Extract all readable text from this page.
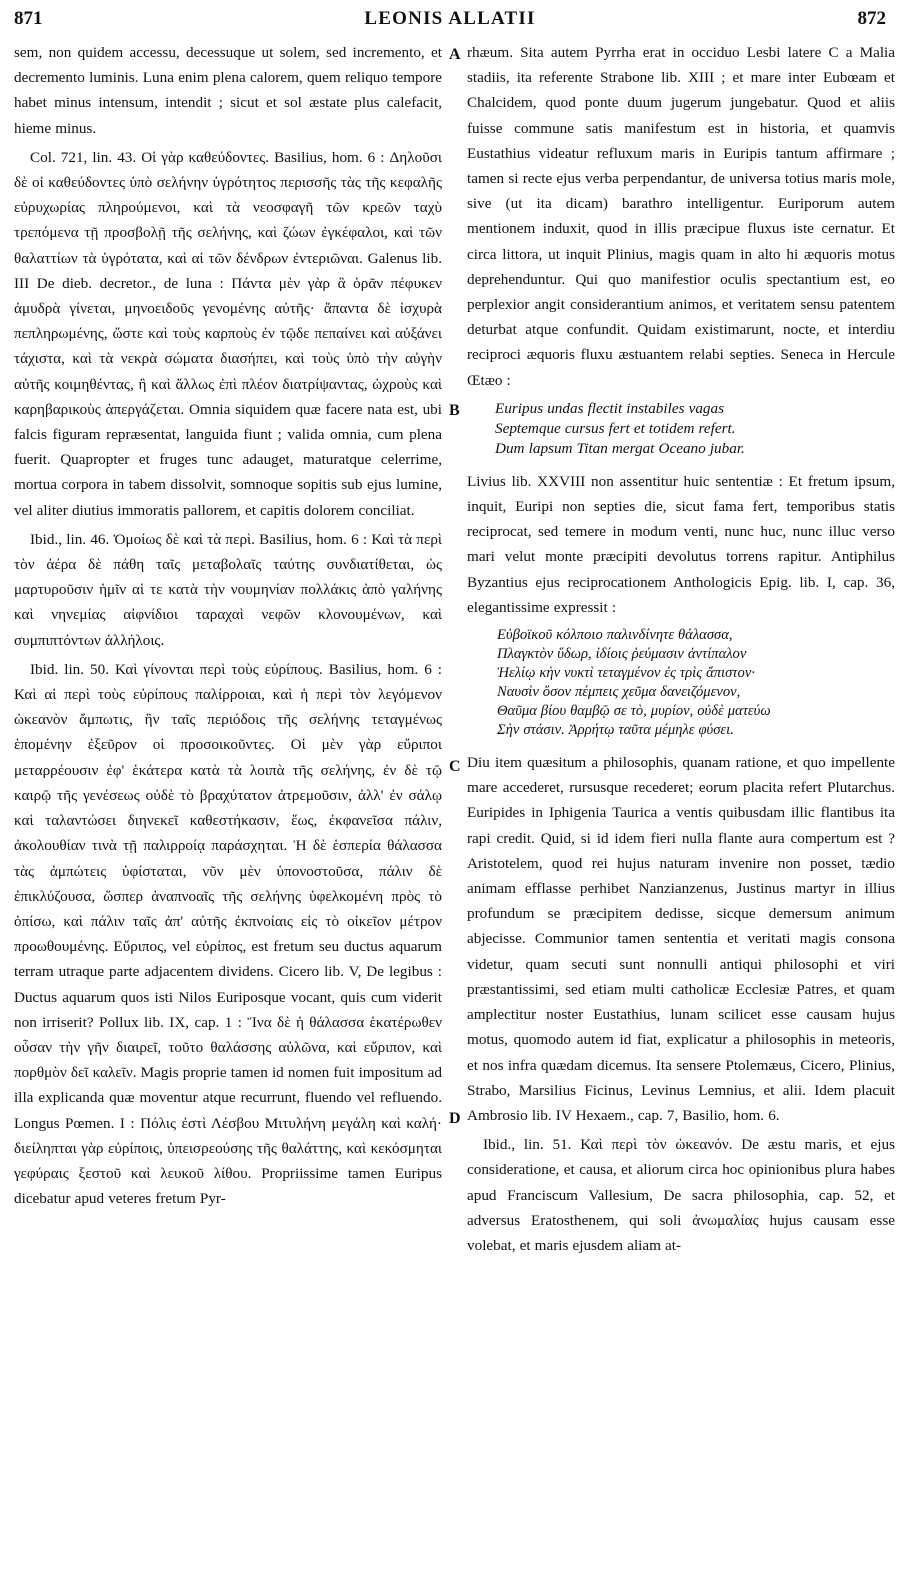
871	LEONIS ALLATII	872

sem, non quidem accessu, decessuque ut solem, sed incremento, et decremento luminis. Luna enim plena calorem, quem reliquo tempore habet minus intensum, intendit ; sicut et sol æstate plus calefacit, hieme minus.

Col. 721, lin. 43. Οἱ γὰρ καθεύδοντες. Basilius, hom. 6 : Δηλοῦσι δὲ οἱ καθεύδοντες ὑπὸ σελήνην ὑγρότητος περισσῆς τὰς τῆς κεφαλῆς εὐρυχωρίας πληρούμενοι, καὶ τὰ νεοσφαγῆ τῶν κρεῶν ταχὺ τρεπόμενα τῇ προσβολῇ τῆς σελήνης, καὶ ζώων ἐγκέφαλοι, καὶ τῶν θαλαττίων τὰ ὑγρότατα, καὶ αἱ τῶν δένδρων ἐντεριῶναι. Galenus lib. III De dieb. decretor., de luna : Πάντα μὲν γὰρ ἃ ὁρᾶν πέφυκεν ἀμυδρὰ γίνεται, μηνοειδοῦς γενομένης αὐτῆς· ἅπαντα δὲ ἰσχυρὰ πεπληρωμένης, ὥστε καὶ τοὺς καρποὺς ἐν τῷδε πεπαίνει καὶ αὐξάνει τάχιστα, καὶ τὰ νεκρὰ σώματα διασήπει, καὶ τοὺς ὑπὸ τὴν αὐγὴν αὐτῆς κοιμηθέντας, ἢ καὶ ἄλλως ἐπὶ πλέον διατρίψαντας, ὠχροὺς καὶ καρηβαρικοὺς ἀπεργάζεται. Omnia siquidem quæ facere nata est, ubi falcis figuram repræsentat, languida fiunt ; valida omnia, cum plena fuerit. Quapropter et fruges tunc adauget, maturatque celerrime, mortua corpora in tabem dissolvit, somnoque sopitis sub ejus lumine, vel aliter diutius immoratis pallorem, et capitis dolorem conciliat.

Ibid., lin. 46. Ὁμοίως δὲ καὶ τὰ περὶ. Basilius, hom. 6 : Καὶ τὰ περὶ τὸν ἀέρα δὲ πάθη ταῖς μεταβολαῖς ταύτης συνδιατίθεται, ὡς μαρτυροῦσιν ἡμῖν αἱ τε κατὰ τὴν νουμηνίαν πολλάκις ἀπὸ γαλήνης καὶ νηνεμίας αἰφνίδιοι ταραχαὶ νεφῶν κλονουμένων, καὶ συμπιπτόντων ἀλλήλοις.

Ibid. lin. 50. Καὶ γίνονται περὶ τοὺς εὐρίπους. Basilius, hom. 6 : Καὶ αἱ περὶ τοὺς εὐρίπους παλίρροιαι, καὶ ἡ περὶ τὸν λεγόμενον ὠκεανὸν ἄμπωτις, ἣν ταῖς περιόδοις τῆς σελήνης τεταγμένως ἑπομένην ἐξεῦρον οἱ προσοικοῦντες. Οἱ μὲν γὰρ εὔριποι μεταρρέουσιν ἐφ' ἑκάτερα κατὰ τὰ λοιπὰ τῆς σελήνης, ἐν δὲ τῷ καιρῷ τῆς γενέσεως οὐδὲ τὸ βραχύτατον ἀτρεμοῦσιν, ἀλλ' ἐν σάλῳ καὶ ταλαντώσει διηνεκεῖ καθεστήκασιν, ἕως, ἐκφανεῖσα πάλιν, ἀκολουθίαν τινὰ τῇ παλιρροίᾳ παράσχηται. Ἡ δὲ ἑσπερία θάλασσα τὰς ἀμπώτεις ὑφίσταται, νῦν μὲν ὑπονοστοῦσα, πάλιν δὲ ἐπικλύζουσα, ὥσπερ ἀναπνοαῖς τῆς σελήνης ὑφελκομένη πρὸς τὸ ὀπίσω, καὶ πάλιν ταῖς ἀπ' αὐτῆς ἐκπνοίαις εἰς τὸ οἰκεῖον μέτρον προωθουμένης. Εὔριπος, vel εὐρίπος, est fretum seu ductus aquarum terram utraque parte adjacentem dividens. Cicero lib. V, De legibus : Ductus aquarum quos isti Nilos Euriposque vocant, quis cum viderit non irriserit? Pollux lib. IX, cap. 1 : Ἵνα δὲ ἡ θάλασσα ἑκατέρωθεν οὖσαν τὴν γῆν διαιρεῖ, τοῦτο θαλάσσης αὐλῶνα, καὶ εὔριπον, καὶ πορθμὸν δεῖ καλεῖν. Magis proprie tamen id nomen fuit impositum ad illa explicanda quæ moventur atque recurrunt, fluendo vel refluendo. Longus Pœmen. I : Πόλις ἐστὶ Λέσβου Μιτυλήνη μεγάλη καὶ καλή· διείληπται γὰρ εὐρίποις, ὑπεισρεούσης τῆς θαλάττης, καὶ κεκόσμηται γεφύραις ξεστοῦ καὶ λευκοῦ λίθου. Propriissime tamen Euripus dicebatur apud veteres fretum Pyr-

A
B
C
D

rhæum. Sita autem Pyrrha erat in occiduo Lesbi latere C a Malia stadiis, ita referente Strabone lib. XIII ; et mare inter Eubœam et Chalcidem, quod ponte duum jugerum jungebatur. Quod et aliis fuisse commune satis manifestum est in historia, et quamvis Eustathius videatur refluxum maris in Euripis tantum affirmare ; tamen si recte ejus verba perpendantur, de universa totius maris mole, sive (ut ita dicam) barathro intelligentur. Euriporum autem mentionem induxit, quod in illis præcipue fluxus iste cernatur. Et circa littora, ut inquit Plinius, magis quam in alto hi æquoris motus deprehenduntur. Qui quo manifestior oculis spectantium est, eo perplexior angit considerantium animos, et veritatem sensu patentem deturbat atque confundit. Quidam existimarunt, nocte, et interdiu reciproci æquoris fluxu æstuantem relabi septies. Seneca in Hercule Œtæo :

Euripus undas flectit instabiles vagas
Septemque cursus fert et totidem refert.
Dum lapsum Titan mergat Oceano jubar.

Livius lib. XXVIII non assentitur huic sententiæ : Et fretum ipsum, inquit, Euripi non septies die, sicut fama fert, temporibus statis reciprocat, sed temere in modum venti, nunc huc, nunc illuc verso mari velut monte præcipiti devolutus torrens rapitur. Antiphilus Byzantius ejus reciprocationem Anthologicis Epig. lib. I, cap. 36, elegantissime expressit :

Εὐβοϊκοῦ κόλποιο παλινδίνητε θάλασσα,
Πλαγκτὸν ὕδωρ, ἰδίοις ῥεύμασιν ἀντίπαλον
Ἠελίῳ κὴν νυκτὶ τεταγμένον ἐς τρὶς ἄπιστον·
Ναυσὶν ὅσον πέμπεις χεῦμα δανειζόμενον,
Θαῦμα βίου θαμβῷ σε τὸ, μυρίον, οὐδὲ ματεύω
Σὴν στάσιν. Ἀρρήτῳ ταῦτα μέμηλε φύσει.

Diu item quæsitum a philosophis, quanam ratione, et quo impellente mare accederet, rursusque recederet; eorum placita refert Plutarchus. Euripides in Iphigenia Taurica a ventis quibusdam illic flantibus ita rapi credit. Quid, si id idem fieri nulla flante aura compertum est ? Aristotelem, quod rei hujus naturam invenire non posset, tædio animam efflasse perhibet Nanzianzenus, Justinus martyr in illius profundum se præcipitem dedisse, sicque demersum animum abjecisse. Communior tamen sententia et veritati magis consona videtur, quam secuti sunt nonnulli antiqui philosophi et viri præstantissimi, sed etiam multi catholicæ Ecclesiæ Patres, et quam amplectitur noster Eustathius, lunam scilicet esse causam hujus motus, quomodo autem id fiat, explicatur a philosophis in meteoris, et nos infra quædam dicemus. Ita sensere Ptolemæus, Cicero, Plinius, Strabo, Marsilius Ficinus, Levinus Lemnius, et alii. Idem placuit Ambrosio lib. IV Hexaem., cap. 7, Basilio, hom. 6.

Ibid., lin. 51. Καὶ περὶ τὸν ὠκεανόν. De æstu maris, et ejus consideratione, et causa, et aliorum circa hoc opinionibus plura habes apud Franciscum Vallesium, De sacra philosophia, cap. 52, et adversus Eratosthenem, qui soli ἀνωμαλίας hujus causam esse volebat, et maris ejusdem aliam at-
